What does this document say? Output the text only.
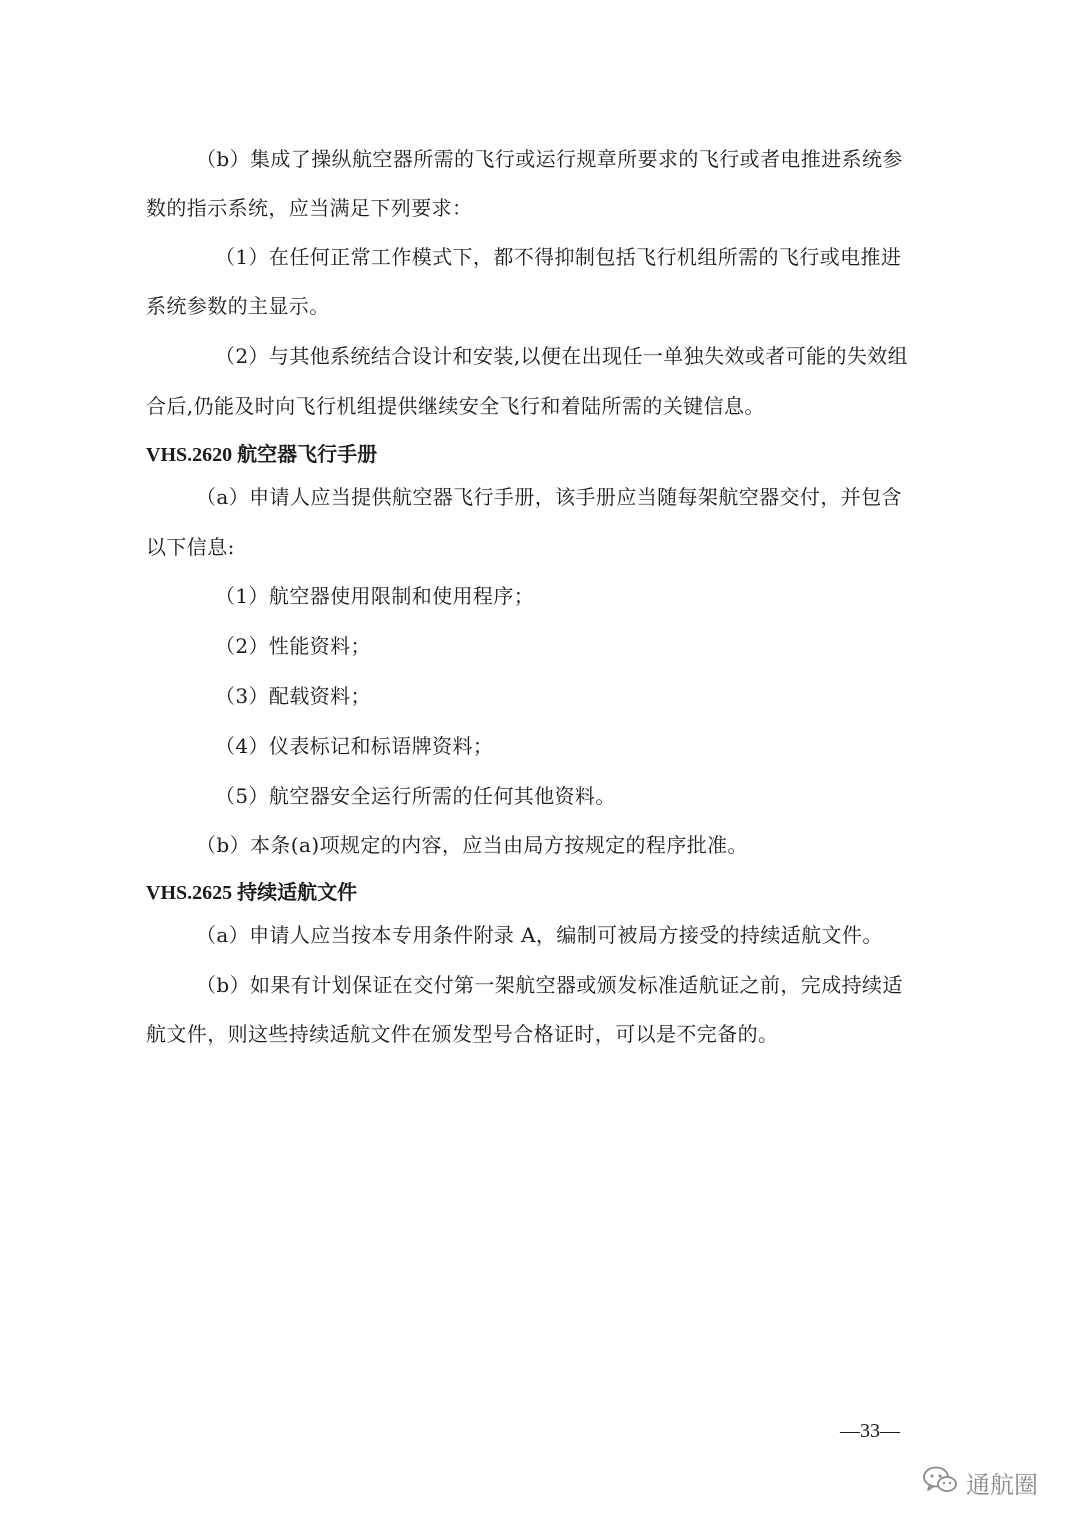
（b）集成了操纵航空器所需的飞行或运行规章所要求的飞行或者电推进系统参
数的指示系统，应当满足下列要求：
（1）在任何正常工作模式下，都不得抑制包括飞行机组所需的飞行或电推进
系统参数的主显示。
（2）与其他系统结合设计和安装,以便在出现任一单独失效或者可能的失效组
合后,仍能及时向飞行机组提供继续安全飞行和着陆所需的关键信息。
VHS.2620 航空器飞行手册
（a）申请人应当提供航空器飞行手册，该手册应当随每架航空器交付，并包含
以下信息:
（1）航空器使用限制和使用程序；
（2）性能资料；
（3）配载资料；
（4）仪表标记和标语牌资料；
（5）航空器安全运行所需的任何其他资料。
（b）本条(a)项规定的内容，应当由局方按规定的程序批准。
VHS.2625 持续适航文件
（a）申请人应当按本专用条件附录 A，编制可被局方接受的持续适航文件。
（b）如果有计划保证在交付第一架航空器或颁发标准适航证之前，完成持续适
航文件，则这些持续适航文件在颁发型号合格证时，可以是不完备的。
—33—
通航圈
